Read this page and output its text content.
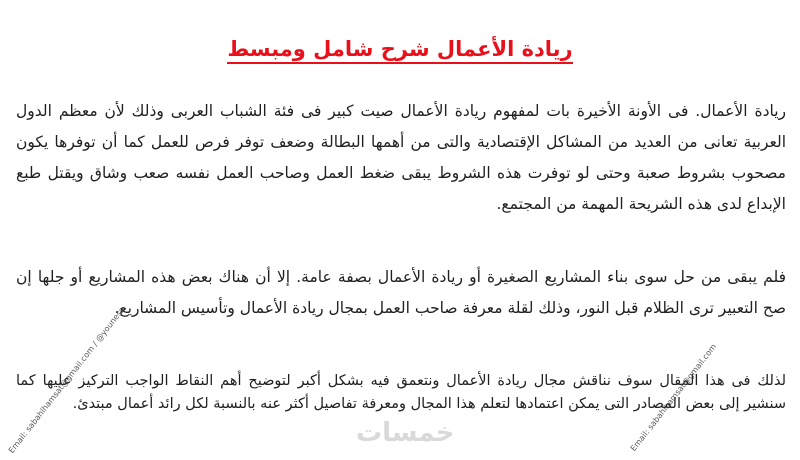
ريادة الأعمال شرح شامل ومبسط

ريادة الأعمال. فى الأونة الأخيرة بات لمفهوم ريادة الأعمال صيت كبير فى فئة الشباب العربى وذلك لأن معظم الدول العربية تعانى من العديد من المشاكل الإقتصادية والتى من أهمها البطالة وضعف توفر فرص للعمل كما أن توفرها يكون مصحوب بشروط صعبة وحتى لو توفرت هذه الشروط يبقى ضغط العمل وصاحب العمل نفسه صعب وشاق ويقتل طبع الإبداع لدى هذه الشريحة المهمة من المجتمع.

فلم يبقى من حل سوى بناء المشاريع الصغيرة أو ريادة الأعمال بصفة عامة. إلا أن هناك بعض هذه المشاريع أو جلها إن صح التعبير ترى الظلام قبل النور، وذلك لقلة معرفة صاحب العمل بمجال ريادة الأعمال وتأسيس المشاريع.

لذلك فى هذا المقال سوف نناقش مجال ريادة الأعمال ونتعمق فيه بشكل أكبر لتوضيح أهم النقاط الواجب التركيز عليها كما سنشير إلى بعض المصادر التى يمكن اعتمادها لتعلم هذا المجال ومعرفة تفاصيل أكثر عنه بالنسبة لكل رائد أعمال مبتدئ.

Email: sabahlhamsat@gmail.com / @youness	Email: sabahlhamsat@gmail.com
خمسات
